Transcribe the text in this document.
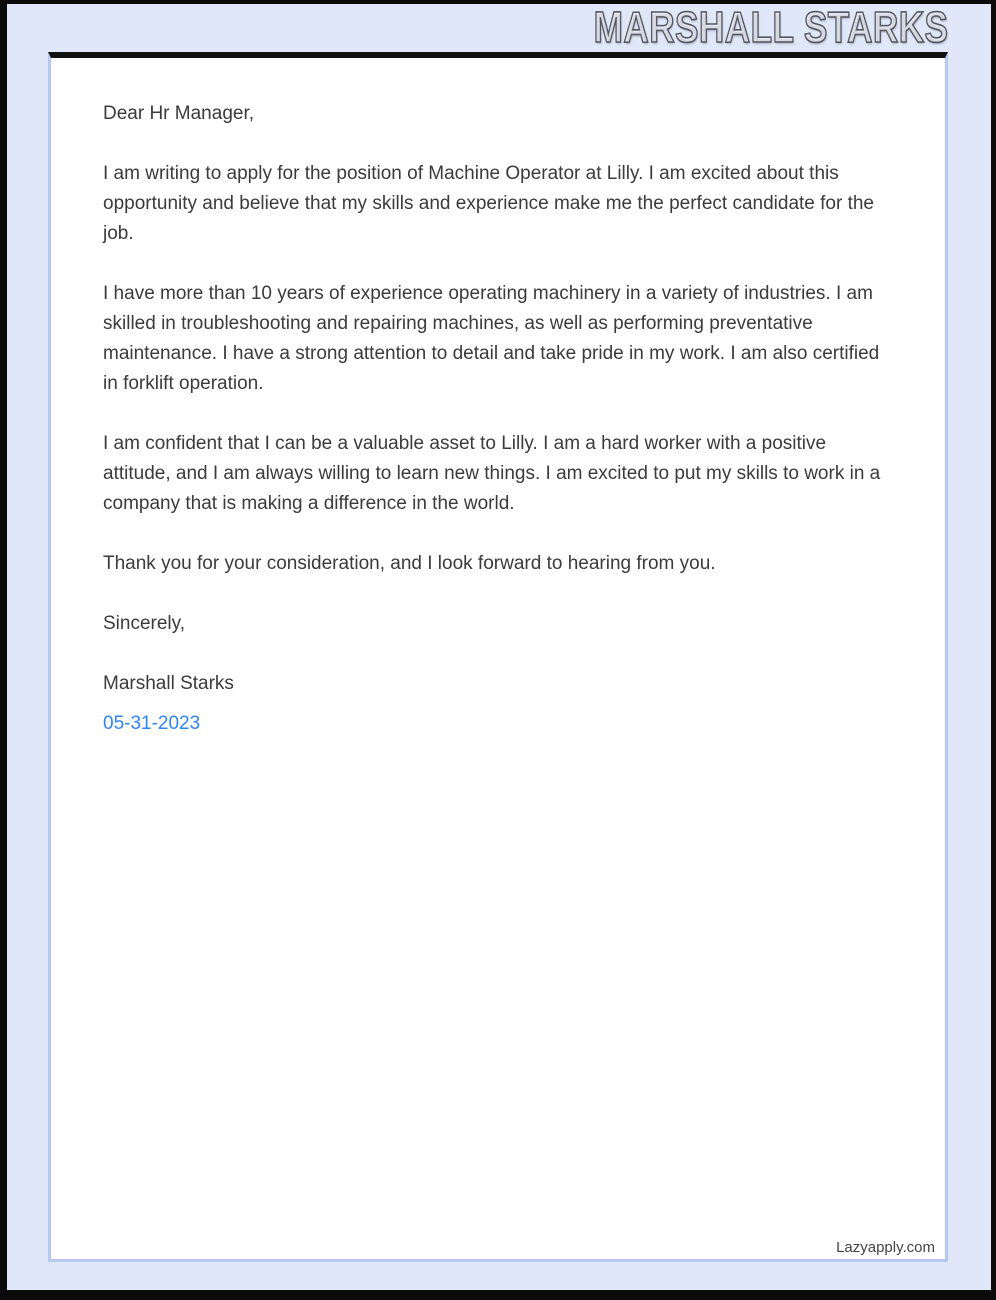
MARSHALL STARKS

Dear Hr Manager,

I am writing to apply for the position of Machine Operator at Lilly. I am excited about this opportunity and believe that my skills and experience make me the perfect candidate for the job.

I have more than 10 years of experience operating machinery in a variety of industries. I am skilled in troubleshooting and repairing machines, as well as performing preventative maintenance. I have a strong attention to detail and take pride in my work. I am also certified in forklift operation.

I am confident that I can be a valuable asset to Lilly. I am a hard worker with a positive attitude, and I am always willing to learn new things. I am excited to put my skills to work in a company that is making a difference in the world.

Thank you for your consideration, and I look forward to hearing from you.

Sincerely,

Marshall Starks

05-31-2023

Lazyapply.com
